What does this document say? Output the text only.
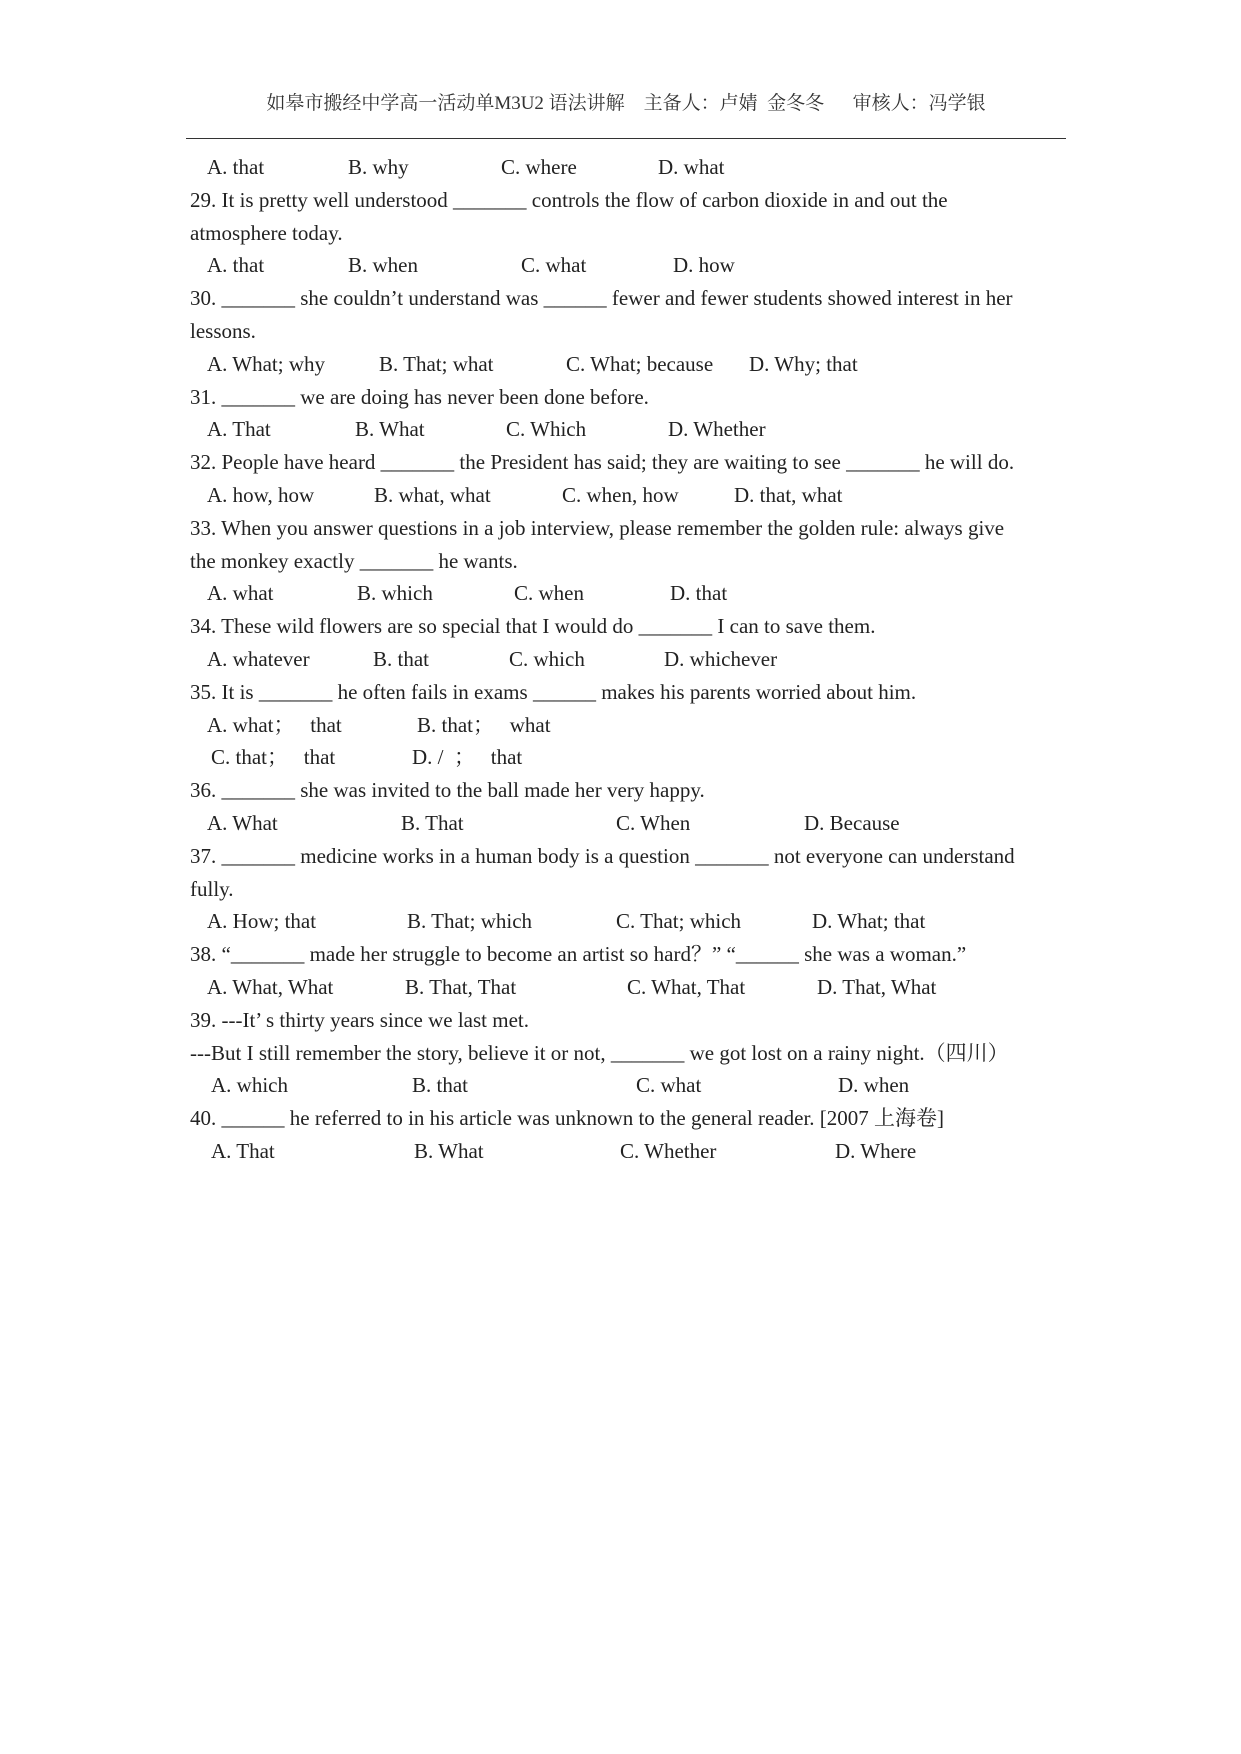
如皋市搬经中学高一活动单M3U2 语法讲解    主备人：卢婧  金冬冬      审核人：冯学银
A. that	B. why	C. where	D. what
29. It is pretty well understood _______ controls the flow of carbon dioxide in and out the
atmosphere today.
A. that	B. when	C. what	D. how
30. _______ she couldn’t understand was ______ fewer and fewer students showed interest in her
lessons.
A. What; why	B. That; what	C. What; because D. Why; that
31. _______ we are doing has never been done before.
A. That	B. What	C. Which	D. Whether
32. People have heard _______ the President has said; they are waiting to see _______ he will do.
A. how, how	B. what, what	C. when, how	D. that, what
33. When you answer questions in a job interview, please remember the golden rule: always give
the monkey exactly _______ he wants.
A. what	B. which	C. when	D. that
34. These wild flowers are so special that I would do _______ I can to save them.
A. whatever	B. that	C. which	D. whichever
35. It is _______ he often fails in exams ______ makes his parents worried about him.
A. what；   that	B. that；   what
C. that；   that	D. /  ；   that
36. _______ she was invited to the ball made her very happy.
A. What	B. That	C. When	D. Because
37. _______ medicine works in a human body is a question _______ not everyone can understand
fully.
A. How; that	B. That; which	C. That; which	D. What; that
38. “_______ made her struggle to become an artist so hard？” “______ she was a woman.”
A. What, What	B. That, That	C. What, That	D. That, What
39. ---It’ s thirty years since we last met.
---But I still remember the story, believe it or not, _______ we got lost on a rainy night.（四川）
A. which	B. that	C. what	D. when
40. ______ he referred to in his article was unknown to the general reader. [2007 上海卷]
A. That	B. What	C. Whether	D. Where
